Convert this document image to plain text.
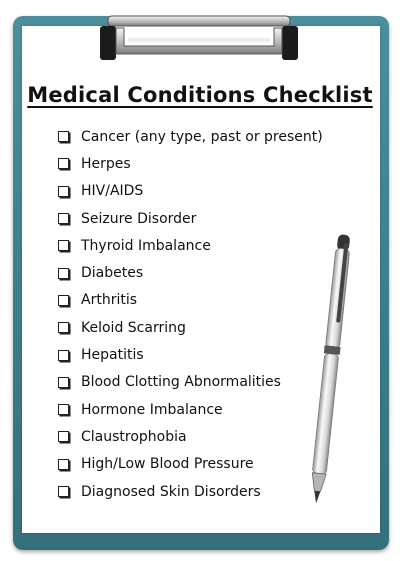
Medical Conditions Checklist
Cancer (any type, past or present)
Herpes
HIV/AIDS
Seizure Disorder
Thyroid Imbalance
Diabetes
Arthritis
Keloid Scarring
Hepatitis
Blood Clotting Abnormalities
Hormone Imbalance
Claustrophobia
High/Low Blood Pressure
Diagnosed Skin Disorders
